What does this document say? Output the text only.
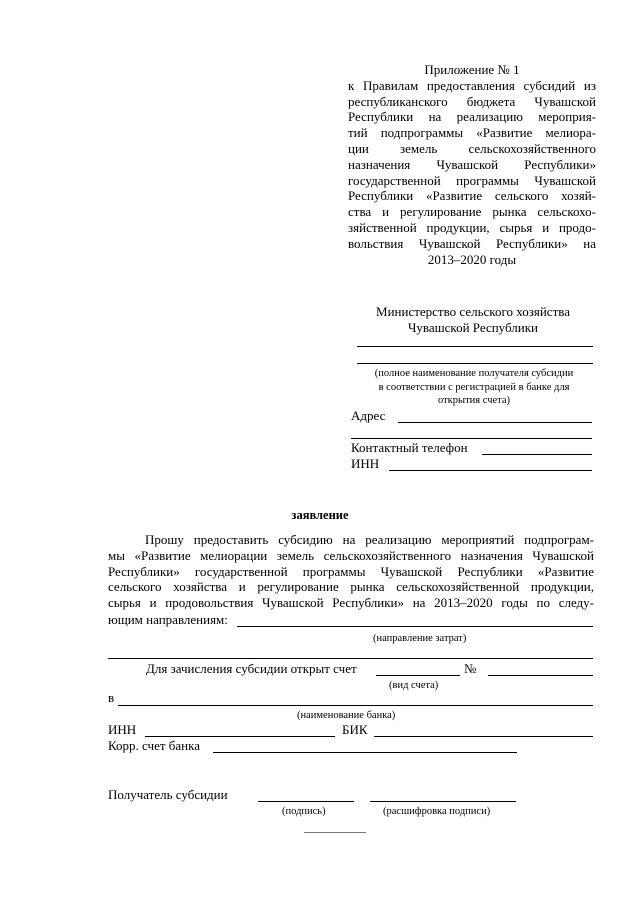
Приложение № 1
к Правилам предоставления субсидий из
республиканского бюджета Чувашской
Республики на реализацию мероприя-
тий подпрограммы «Развитие мелиора-
ции земель сельскохозяйственного
назначения Чувашской Республики»
государственной программы Чувашской
Республики «Развитие сельского хозяй-
ства и регулирование рынка сельскохо-
зяйственной продукции, сырья и продо-
вольствия Чувашской Республики» на
2013–2020 годы
Министерство сельского хозяйства
Чувашской Республики
(полное наименование получателя субсидии
в соответствии с регистрацией в банке для
открытия счета)
Адрес
Контактный телефон
ИНН
заявление
Прошу предоставить субсидию на реализацию мероприятий подпрограм-
мы «Развитие мелиорации земель сельскохозяйственного назначения Чувашской
Республики» государственной программы Чувашской Республики «Развитие
сельского хозяйства и регулирование рынка сельскохозяйственной продукции,
сырья и продовольствия Чувашской Республики» на 2013–2020 годы по следу-
ющим направлениям:
(направление затрат)
Для зачисления субсидии открыт счет	№
(вид счета)
в
(наименование банка)
ИНН	БИК
Корр. счет банка
Получатель субсидии
(подпись)	(расшифровка подписи)
